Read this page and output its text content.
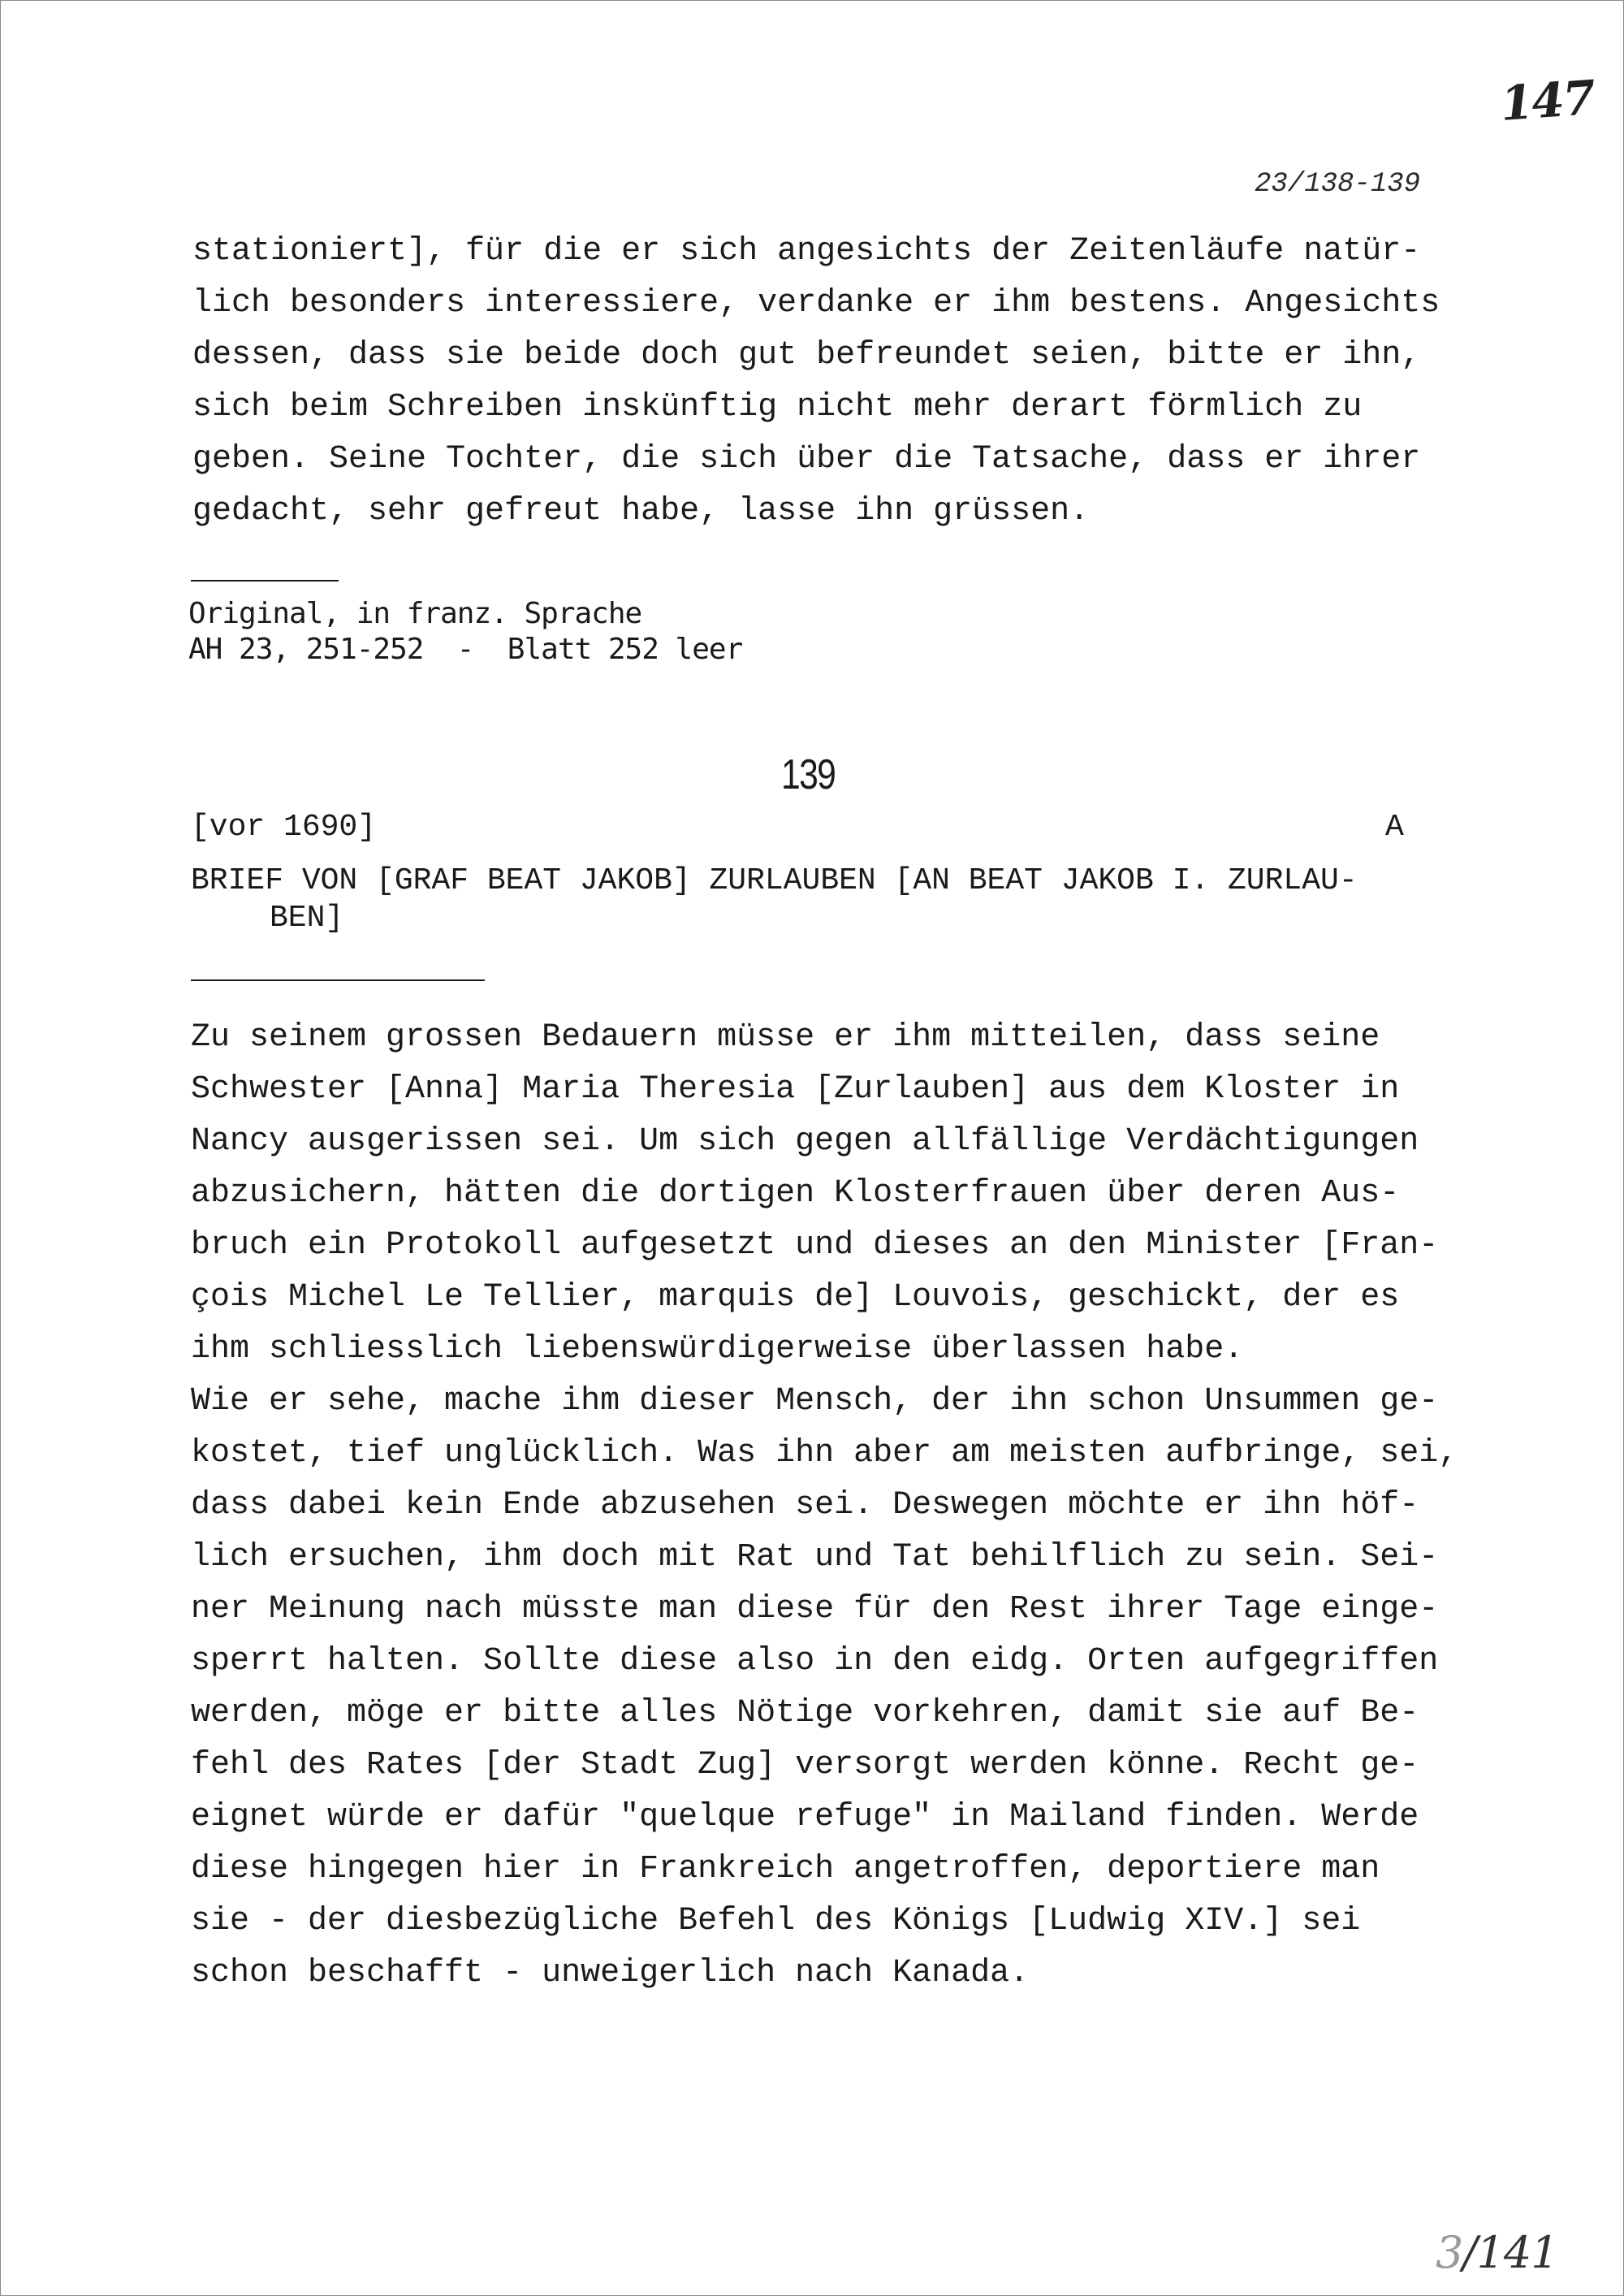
147
23/138-139
stationiert], für die er sich angesichts der Zeitenläufe natür-
lich besonders interessiere, verdanke er ihm bestens. Angesichts
dessen, dass sie beide doch gut befreundet seien, bitte er ihn,
sich beim Schreiben inskünftig nicht mehr derart förmlich zu
geben. Seine Tochter, die sich über die Tatsache, dass er ihrer
gedacht, sehr gefreut habe, lasse ihn grüssen.
Original, in franz. Sprache
AH 23, 251-252  -  Blatt 252 leer
139
[vor 1690]	A
BRIEF VON [GRAF BEAT JAKOB] ZURLAUBEN [AN BEAT JAKOB I. ZURLAU-
BEN]
Zu seinem grossen Bedauern müsse er ihm mitteilen, dass seine
Schwester [Anna] Maria Theresia [Zurlauben] aus dem Kloster in
Nancy ausgerissen sei. Um sich gegen allfällige Verdächtigungen
abzusichern, hätten die dortigen Klosterfrauen über deren Aus-
bruch ein Protokoll aufgesetzt und dieses an den Minister [Fran-
çois Michel Le Tellier, marquis de] Louvois, geschickt, der es
ihm schliesslich liebenswürdigerweise überlassen habe.
Wie er sehe, mache ihm dieser Mensch, der ihn schon Unsummen ge-
kostet, tief unglücklich. Was ihn aber am meisten aufbringe, sei,
dass dabei kein Ende abzusehen sei. Deswegen möchte er ihn höf-
lich ersuchen, ihm doch mit Rat und Tat behilflich zu sein. Sei-
ner Meinung nach müsste man diese für den Rest ihrer Tage einge-
sperrt halten. Sollte diese also in den eidg. Orten aufgegriffen
werden, möge er bitte alles Nötige vorkehren, damit sie auf Be-
fehl des Rates [der Stadt Zug] versorgt werden könne. Recht ge-
eignet würde er dafür "quelque refuge" in Mailand finden. Werde
diese hingegen hier in Frankreich angetroffen, deportiere man
sie - der diesbezügliche Befehl des Königs [Ludwig XIV.] sei
schon beschafft - unweigerlich nach Kanada.
3/141
